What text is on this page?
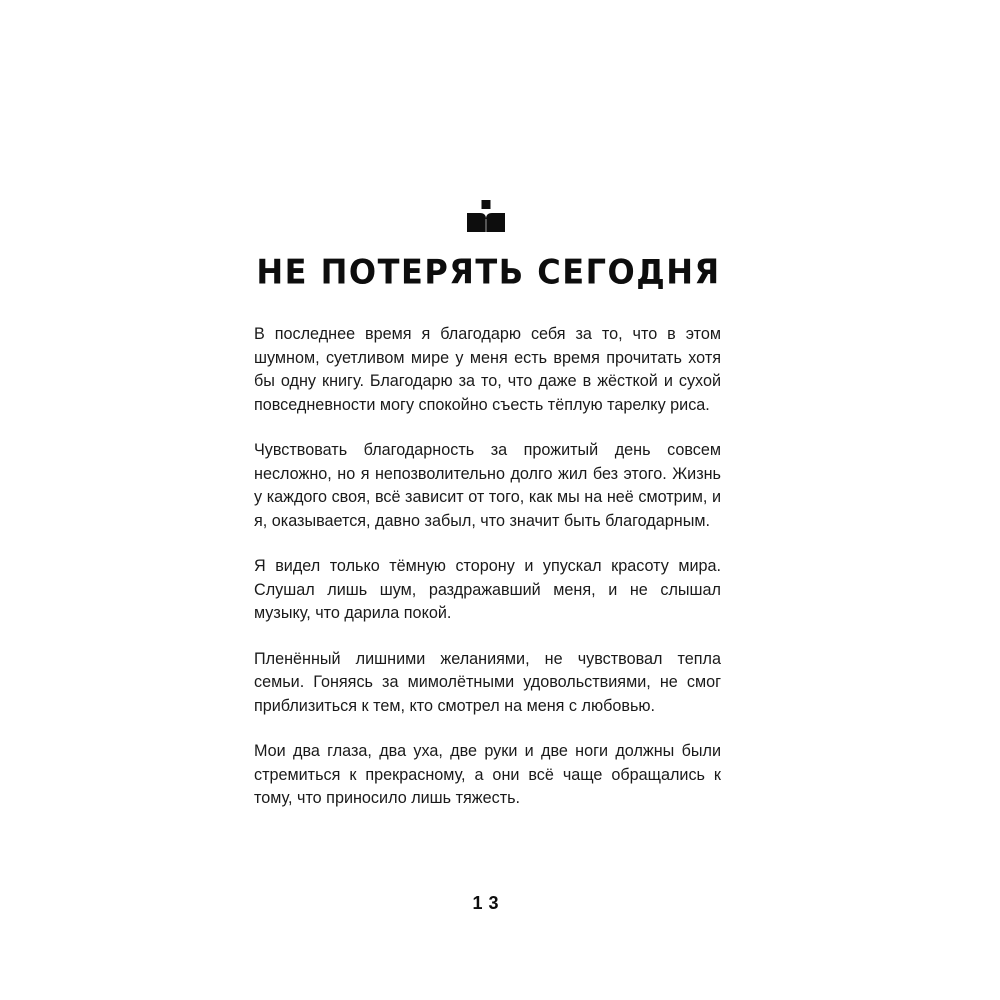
НЕ ПОТЕРЯТЬ СЕГОДНЯ

В последнее время я благодарю себя за то, что в этом шумном, суетливом мире у меня есть время прочитать хотя бы одну книгу. Благодарю за то, что даже в жёсткой и сухой повседневности могу спокойно съесть тёплую тарелку риса.

Чувствовать благодарность за прожитый день совсем несложно, но я непозволительно долго жил без этого. Жизнь у каждого своя, всё зависит от того, как мы на неё смотрим, и я, оказывается, давно забыл, что значит быть благодарным.

Я видел только тёмную сторону и упускал красоту мира. Слушал лишь шум, раздражавший меня, и не слышал музыку, что дарила покой.

Пленённый лишними желаниями, не чувствовал тепла семьи. Гоняясь за мимолётными удовольствиями, не смог приблизиться к тем, кто смотрел на меня с любовью.

Мои два глаза, два уха, две руки и две ноги должны были стремиться к прекрасному, а они всё чаще обращались к тому, что приносило лишь тяжесть.

13
